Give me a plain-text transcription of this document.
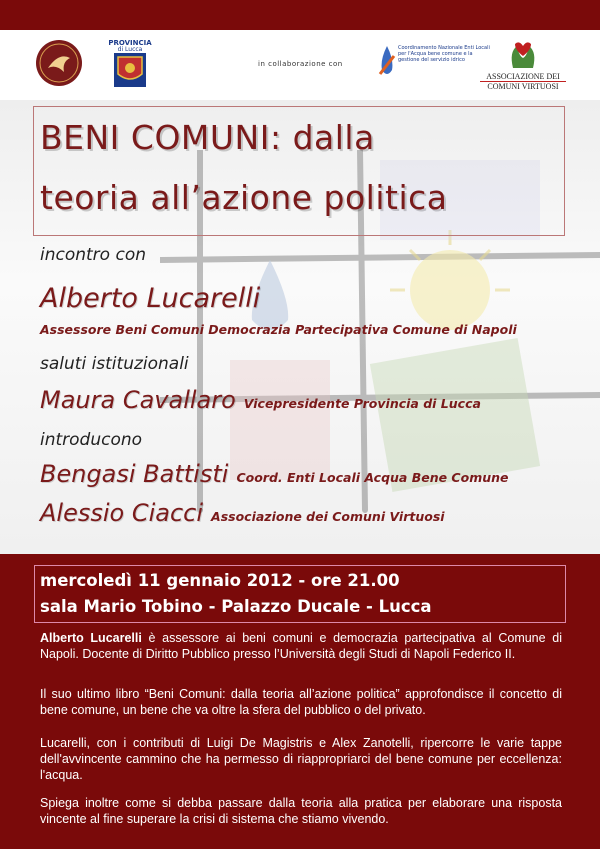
PROVINCIA
di Lucca
in collaborazione con
Coordinamento Nazionale Enti Locali per l'Acqua bene comune e la gestione del servizio idrico
ASSOCIAZIONE DEI
COMUNI VIRTUOSI
BENI COMUNI: dalla
teoria all’azione politica
incontro con
Alberto Lucarelli
Assessore Beni Comuni Democrazia Partecipativa Comune di Napoli
saluti istituzionali
Maura Cavallaro Vicepresidente Provincia di Lucca
introducono
Bengasi Battisti Coord. Enti Locali Acqua Bene Comune
Alessio Ciacci Associazione dei Comuni Virtuosi
mercoledì 11 gennaio 2012 - ore 21.00
sala Mario Tobino - Palazzo Ducale - Lucca
Alberto Lucarelli è assessore ai beni comuni e democrazia partecipativa al Comune di Napoli. Docente di Diritto Pubblico presso l’Università degli Studi di Napoli Federico II.
Il suo ultimo libro “Beni Comuni: dalla teoria all’azione politica” approfondisce il concetto di bene comune, un bene che va oltre la sfera del pubblico o del privato.
Lucarelli, con i contributi di Luigi De Magistris e Alex Zanotelli, ripercorre le varie tappe dell'avvincente cammino che ha permesso di riappropriarci del bene comune per eccellenza: l'acqua.
Spiega inoltre come si debba passare dalla teoria alla pratica per elaborare una risposta vincente al fine superare la crisi di sistema che stiamo vivendo.
